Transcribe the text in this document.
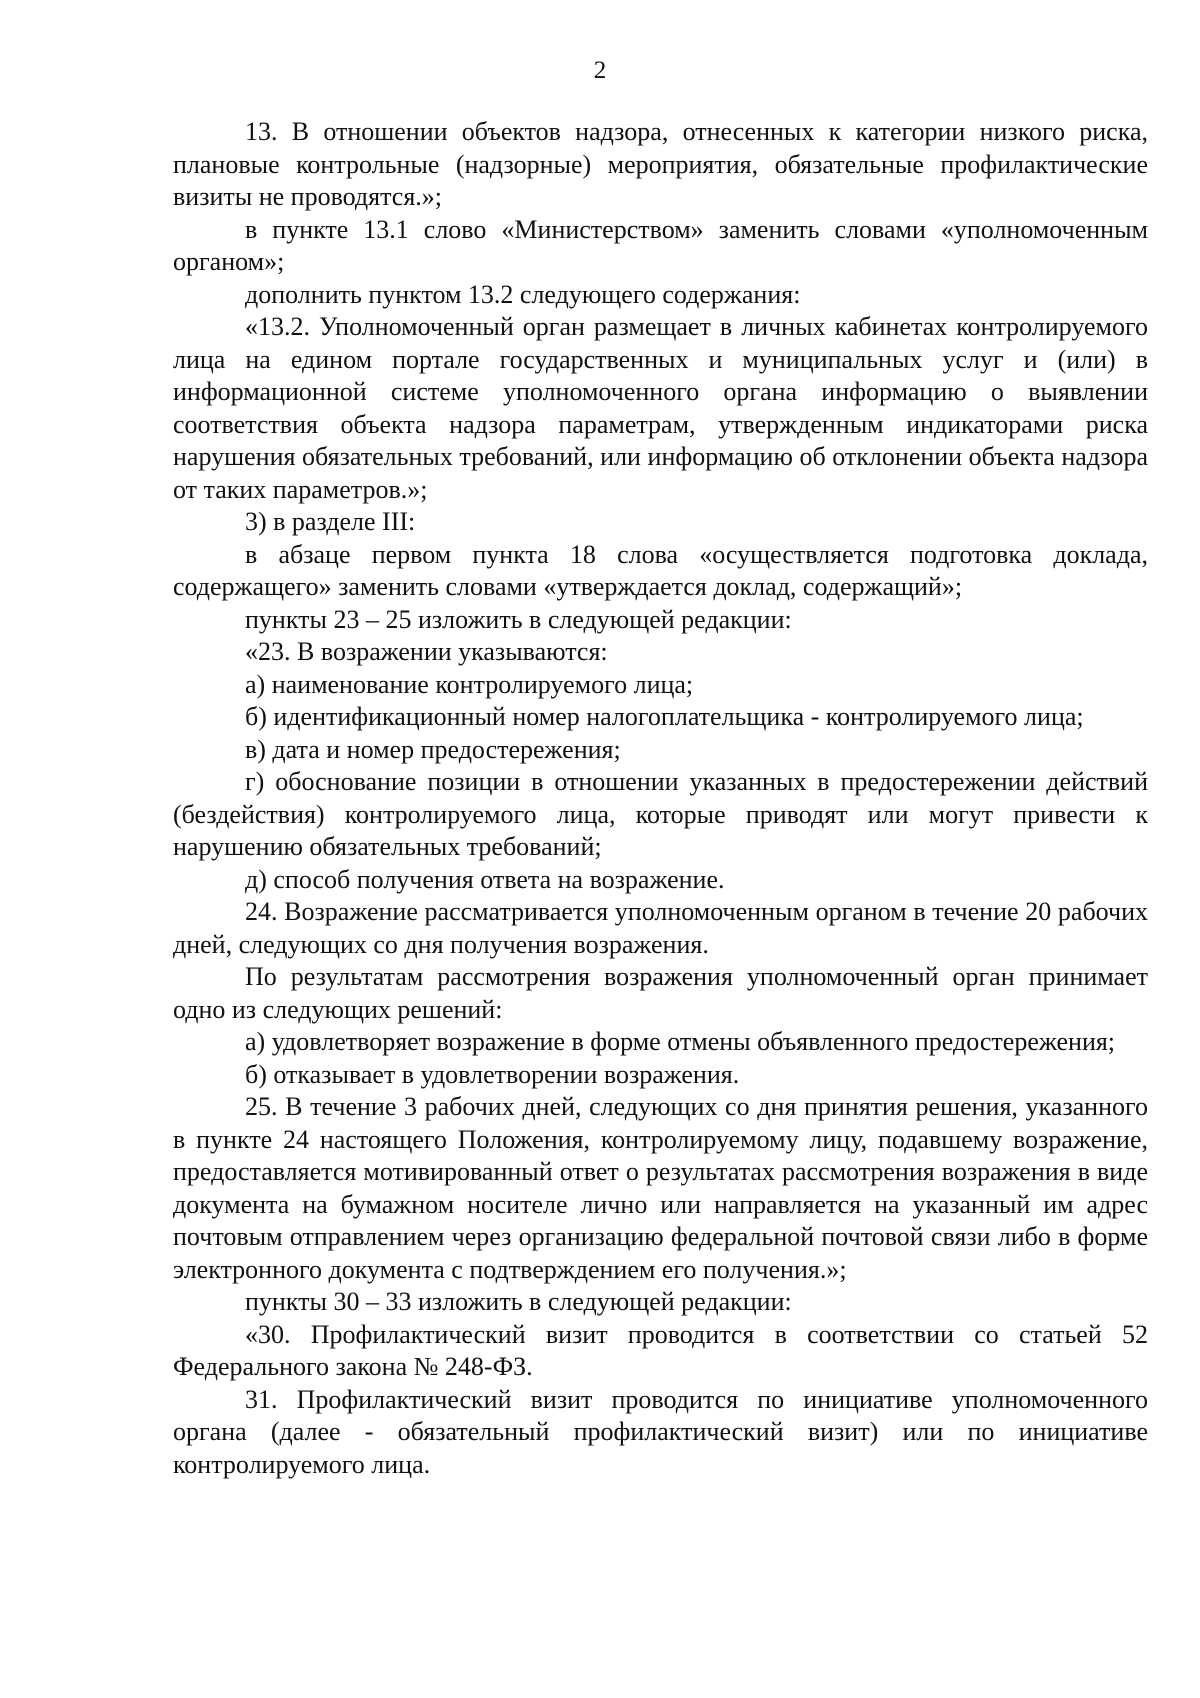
2

13. В отношении объектов надзора, отнесенных к категории низкого риска, плановые контрольные (надзорные) мероприятия, обязательные профилактические визиты не проводятся.»;

в пункте 13.1 слово «Министерством» заменить словами «уполномоченным органом»;

дополнить пунктом 13.2 следующего содержания:

«13.2. Уполномоченный орган размещает в личных кабинетах контролируемого лица на едином портале государственных и муниципальных услуг и (или) в информационной системе уполномоченного органа информацию о выявлении соответствия объекта надзора параметрам, утвержденным индикаторами риска нарушения обязательных требований, или информацию об отклонении объекта надзора от таких параметров.»;

3) в разделе III:

в абзаце первом пункта 18 слова «осуществляется подготовка доклада, содержащего» заменить словами «утверждается доклад, содержащий»;

пункты 23 – 25 изложить в следующей редакции:

«23. В возражении указываются:

а) наименование контролируемого лица;

б) идентификационный номер налогоплательщика - контролируемого лица;

в) дата и номер предостережения;

г) обоснование позиции в отношении указанных в предостережении действий (бездействия) контролируемого лица, которые приводят или могут привести к нарушению обязательных требований;

д) способ получения ответа на возражение.

24. Возражение рассматривается уполномоченным органом в течение 20 рабочих дней, следующих со дня получения возражения.

По результатам рассмотрения возражения уполномоченный орган принимает одно из следующих решений:

а) удовлетворяет возражение в форме отмены объявленного предостережения;

б) отказывает в удовлетворении возражения.

25. В течение 3 рабочих дней, следующих со дня принятия решения, указанного в пункте 24 настоящего Положения, контролируемому лицу, подавшему возражение, предоставляется мотивированный ответ о результатах рассмотрения возражения в виде документа на бумажном носителе лично или направляется на указанный им адрес почтовым отправлением через организацию федеральной почтовой связи либо в форме электронного документа с подтверждением его получения.»;

пункты 30 – 33 изложить в следующей редакции:

«30. Профилактический визит проводится в соответствии со статьей 52 Федерального закона № 248-ФЗ.

31. Профилактический визит проводится по инициативе уполномоченного органа (далее - обязательный профилактический визит) или по инициативе контролируемого лица.
